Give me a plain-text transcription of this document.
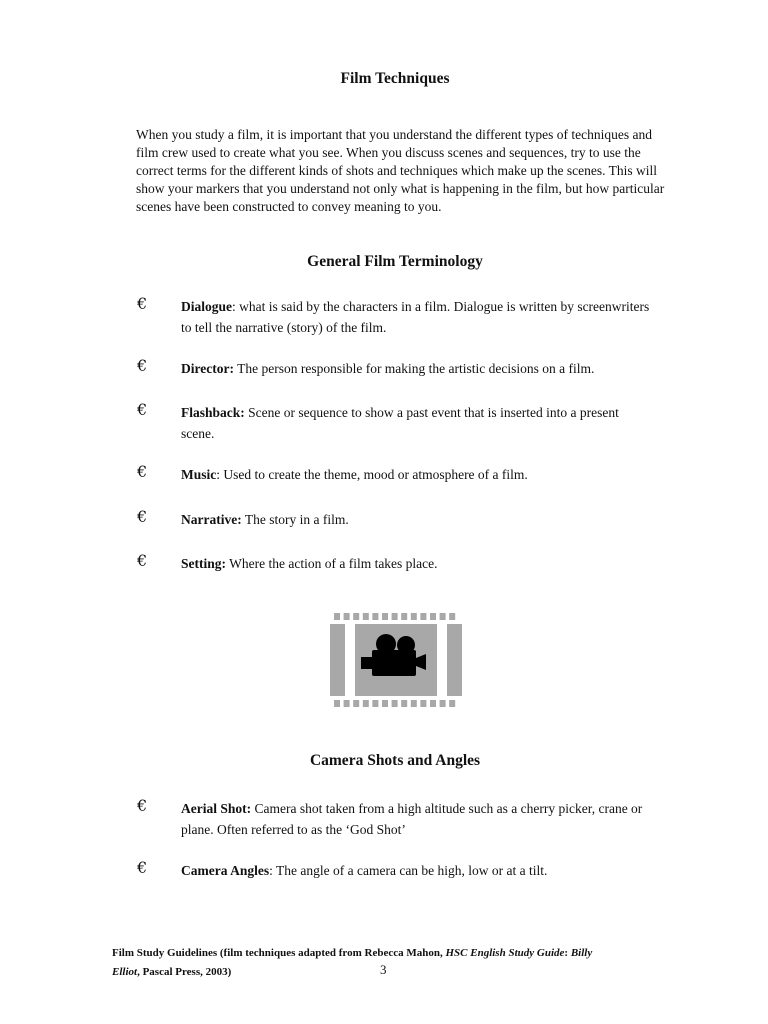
Film Techniques

When you study a film, it is important that you understand the different types of techniques and film crew used to create what you see. When you discuss scenes and sequences, try to use the correct terms for the different kinds of shots and techniques which make up the scenes. This will show your markers that you understand not only what is happening in the film, but how particular scenes have been constructed to convey meaning to you.

General Film Terminology
€	Dialogue: what is said by the characters in a film. Dialogue is written by screenwriters to tell the narrative (story) of the film.
€	Director: The person responsible for making the artistic decisions on a film.
€	Flashback: Scene or sequence to show a past event that is inserted into a present scene.
€	Music: Used to create the theme, mood or atmosphere of a film.
€	Narrative: The story in a film.
€	Setting: Where the action of a film takes place.
Camera Shots and Angles
€	Aerial Shot: Camera shot taken from a high altitude such as a cherry picker, crane or plane. Often referred to as the ‘God Shot’
€	Camera Angles: The angle of a camera can be high, low or at a tilt.
Film Study Guidelines (film techniques adapted from Rebecca Mahon, HSC English Study Guide: Billy Elliot, Pascal Press, 2003)	3
